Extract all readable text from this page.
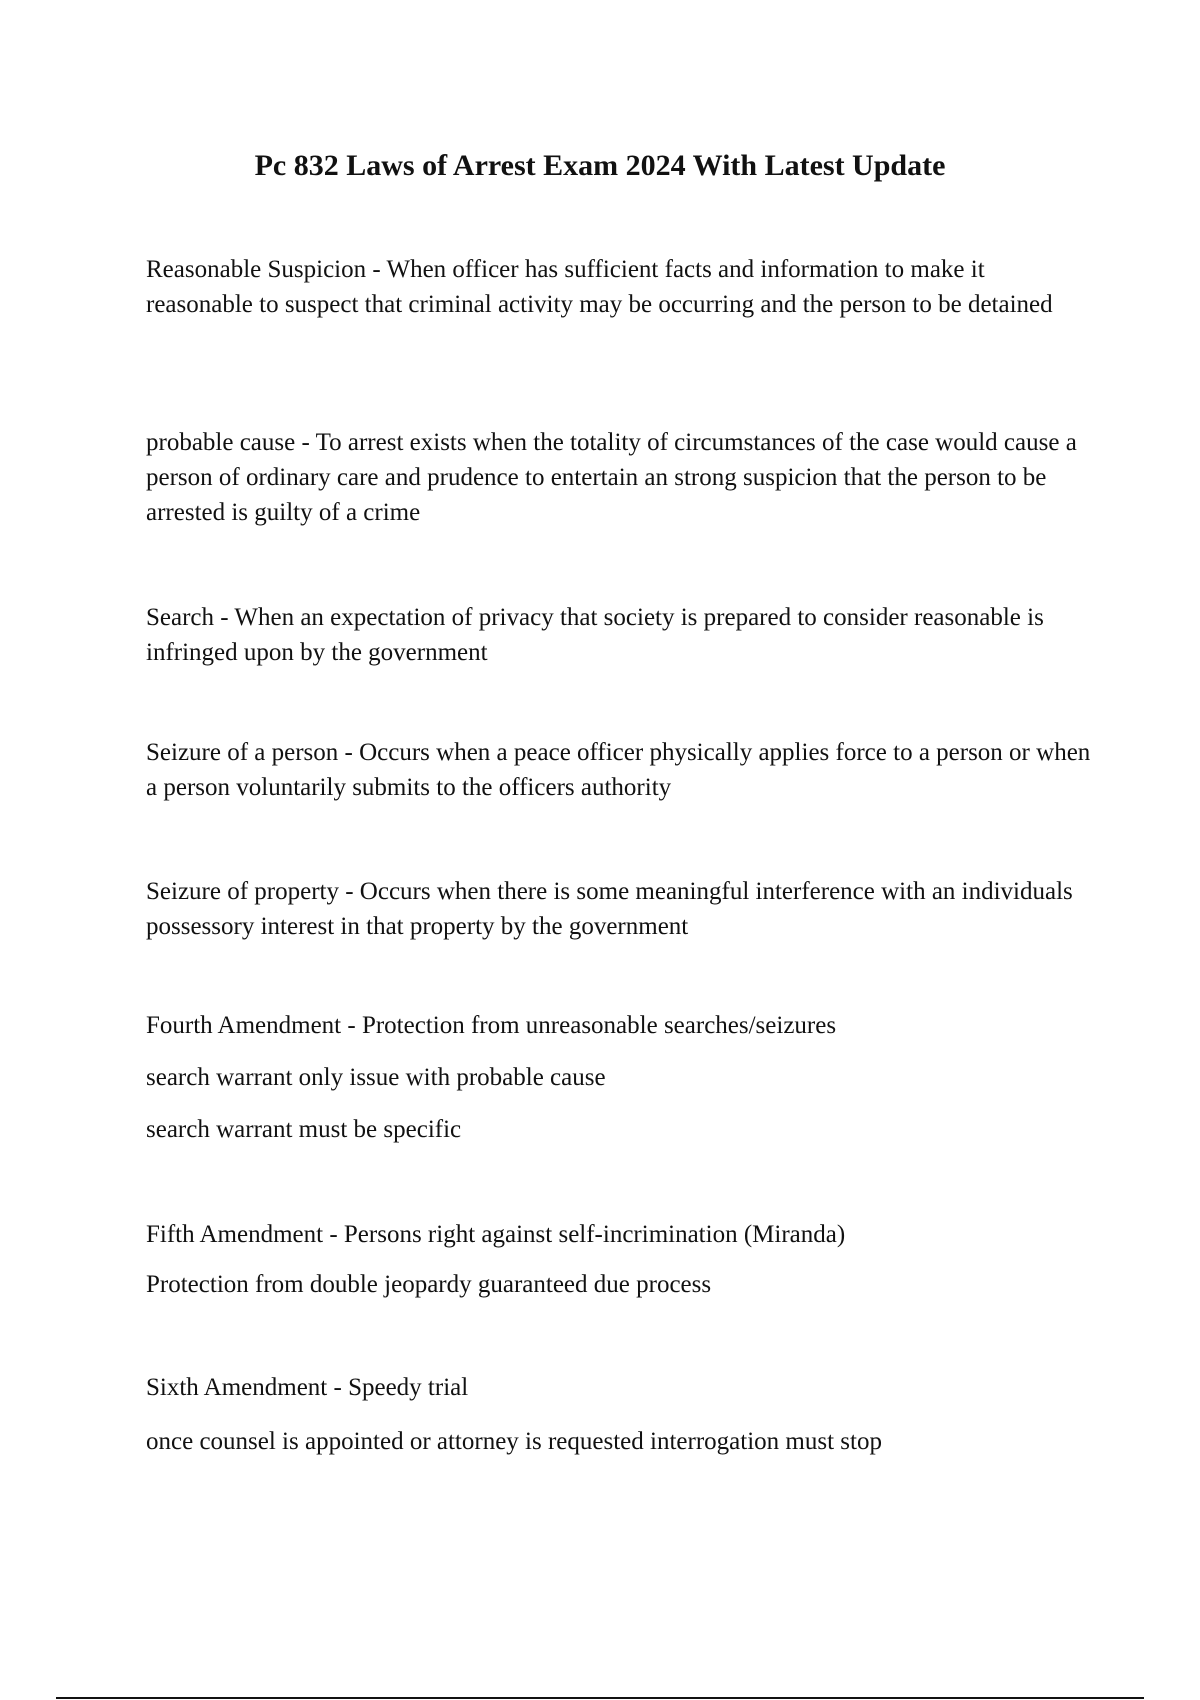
Pc 832 Laws of Arrest Exam 2024 With Latest Update

Reasonable Suspicion - When officer has sufficient facts and information to make it reasonable to suspect that criminal activity may be occurring and the person to be detained

probable cause - To arrest exists when the totality of circumstances of the case would cause a person of ordinary care and prudence to entertain an strong suspicion that the person to be arrested is guilty of a crime

Search - When an expectation of privacy that society is prepared to consider reasonable is infringed upon by the government

Seizure of a person - Occurs when a peace officer physically applies force to a person or when a person voluntarily submits to the officers authority

Seizure of property - Occurs when there is some meaningful interference with an individuals possessory interest in that property by the government

Fourth Amendment - Protection from unreasonable searches/seizures

search warrant only issue with probable cause

search warrant must be specific

Fifth Amendment - Persons right against self-incrimination (Miranda)

Protection from double jeopardy guaranteed due process

Sixth Amendment - Speedy trial

once counsel is appointed or attorney is requested interrogation must stop
